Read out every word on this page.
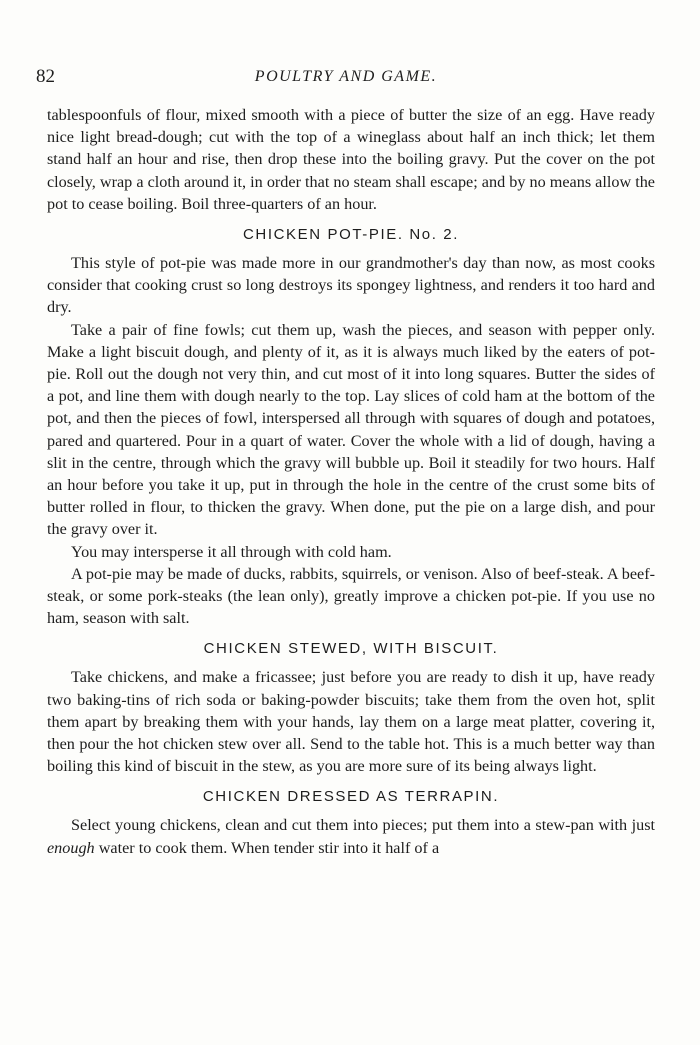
82	POULTRY AND GAME.

tablespoonfuls of flour, mixed smooth with a piece of butter the size of an egg. Have ready nice light bread-dough; cut with the top of a wineglass about half an inch thick; let them stand half an hour and rise, then drop these into the boiling gravy. Put the cover on the pot closely, wrap a cloth around it, in order that no steam shall escape; and by no means allow the pot to cease boiling. Boil three-quarters of an hour.

CHICKEN POT-PIE. No. 2.

This style of pot-pie was made more in our grandmother's day than now, as most cooks consider that cooking crust so long destroys its spongey lightness, and renders it too hard and dry.

Take a pair of fine fowls; cut them up, wash the pieces, and season with pepper only. Make a light biscuit dough, and plenty of it, as it is always much liked by the eaters of pot-pie. Roll out the dough not very thin, and cut most of it into long squares. Butter the sides of a pot, and line them with dough nearly to the top. Lay slices of cold ham at the bottom of the pot, and then the pieces of fowl, interspersed all through with squares of dough and potatoes, pared and quartered. Pour in a quart of water. Cover the whole with a lid of dough, having a slit in the centre, through which the gravy will bubble up. Boil it steadily for two hours. Half an hour before you take it up, put in through the hole in the centre of the crust some bits of butter rolled in flour, to thicken the gravy. When done, put the pie on a large dish, and pour the gravy over it.

You may intersperse it all through with cold ham.

A pot-pie may be made of ducks, rabbits, squirrels, or venison. Also of beef-steak. A beef-steak, or some pork-steaks (the lean only), greatly improve a chicken pot-pie. If you use no ham, season with salt.

CHICKEN STEWED, WITH BISCUIT.

Take chickens, and make a fricassee; just before you are ready to dish it up, have ready two baking-tins of rich soda or baking-powder biscuits; take them from the oven hot, split them apart by breaking them with your hands, lay them on a large meat platter, covering it, then pour the hot chicken stew over all. Send to the table hot. This is a much better way than boiling this kind of biscuit in the stew, as you are more sure of its being always light.

CHICKEN DRESSED AS TERRAPIN.

Select young chickens, clean and cut them into pieces; put them into a stew-pan with just enough water to cook them. When tender stir into it half of a
